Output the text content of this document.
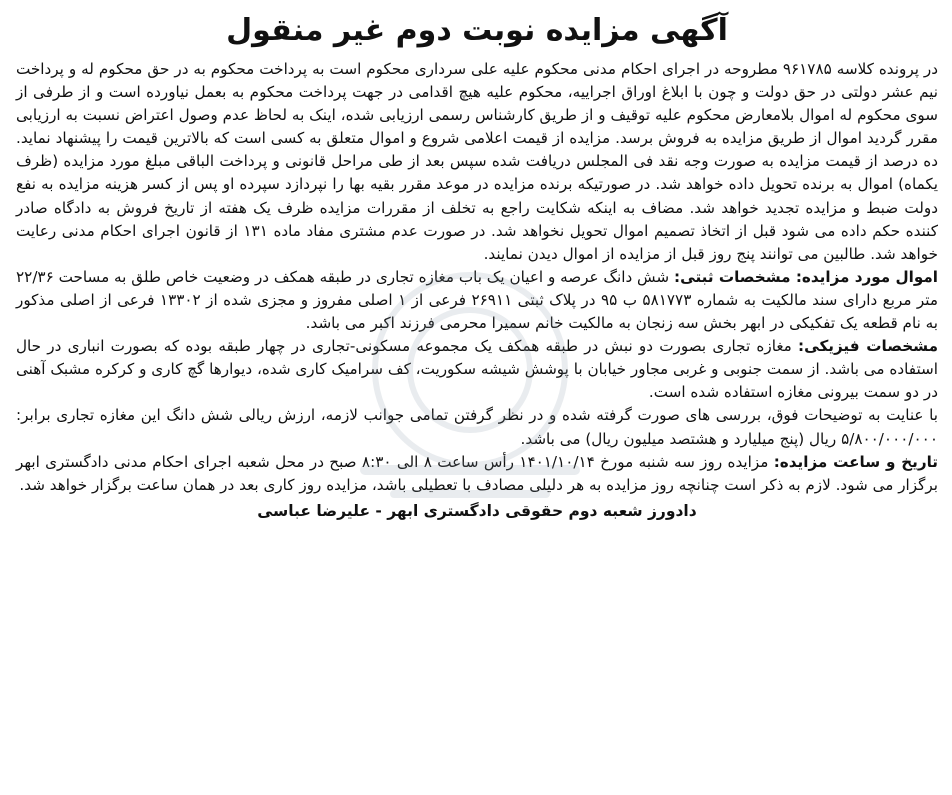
آگهی مزایده نوبت دوم غیر منقول

در پرونده کلاسه ۹۶۱۷۸۵ مطروحه در اجرای احکام مدنی محکوم علیه علی سرداری محکوم است به پرداخت محکوم به در حق محکوم له و پرداخت نیم عشر دولتی در حق دولت و چون با ابلاغ اوراق اجراییه، محکوم علیه هیچ اقدامی در جهت پرداخت محکوم به بعمل نیاورده است و از طرفی از سوی محکوم له اموال بلامعارض محکوم علیه توقیف و از طریق کارشناس رسمی ارزیابی شده، اینک به لحاظ عدم وصول اعتراض نسبت به ارزیابی مقرر گردید اموال از طریق مزایده به فروش برسد. مزایده از قیمت اعلامی شروع و اموال متعلق به کسی است که بالاترین قیمت را پیشنهاد نماید. ده درصد از قیمت مزایده به صورت وجه نقد فی المجلس دریافت شده سپس بعد از طی مراحل قانونی و پرداخت الباقی مبلغ مورد مزایده (ظرف یکماه) اموال به برنده تحویل داده خواهد شد. در صورتیکه برنده مزایده در موعد مقرر بقیه بها را نپردازد سپرده او پس از کسر هزینه مزایده به نفع دولت ضبط و مزایده تجدید خواهد شد. مضاف به اینکه شکایت راجع به تخلف از مقررات مزایده ظرف یک هفته از تاریخ فروش به دادگاه صادر کننده حکم داده می شود قبل از اتخاذ تصمیم اموال تحویل نخواهد شد. در صورت عدم مشتری مفاد ماده ۱۳۱ از قانون اجرای احکام مدنی رعایت خواهد شد. طالبین می توانند پنج روز قبل از مزایده از اموال دیدن نمایند.

اموال مورد مزایده: مشخصات ثبتی: شش دانگ عرصه و اعیان یک باب مغازه تجاری در طبقه همکف در وضعیت خاص طلق به مساحت ۲۲/۳۶ متر مربع دارای سند مالکیت به شماره ۵۸۱۷۷۳ ب ۹۵ در پلاک ثبتی ۲۶۹۱۱ فرعی از ۱ اصلی مفروز و مجزی شده از ۱۳۳۰۲ فرعی از اصلی مذکور به نام قطعه یک تفکیکی در ابهر بخش سه زنجان به مالکیت خانم سمیرا محرمی فرزند اکبر می باشد.

مشخصات فیزیکی: مغازه تجاری بصورت دو نبش در طبقه همکف یک مجموعه مسکونی-تجاری در چهار طبقه بوده که بصورت انباری در حال استفاده می باشد. از سمت جنوبی و غربی مجاور خیابان با پوشش شیشه سکوریت، کف سرامیک کاری شده، دیوارها گچ کاری و کرکره مشبک آهنی در دو سمت بیرونی مغازه استفاده شده است.

با عنایت به توضیحات فوق، بررسی های صورت گرفته شده و در نظر گرفتن تمامی جوانب لازمه، ارزش ریالی شش دانگ این مغازه تجاری برابر: ۵/۸۰۰/۰۰۰/۰۰۰ ریال (پنج میلیارد و هشتصد میلیون ریال) می باشد.

تاریخ و ساعت مزایده: مزایده روز سه شنبه مورخ ۱۴۰۱/۱۰/۱۴ رأس ساعت ۸ الی ۸:۳۰ صبح در محل شعبه اجرای احکام مدنی دادگستری ابهر برگزار می شود. لازم به ذکر است چنانچه روز مزایده به هر دلیلی مصادف با تعطیلی باشد، مزایده روز کاری بعد در همان ساعت برگزار خواهد شد.

دادورز شعبه دوم حقوقی دادگستری ابهر - علیرضا عباسی
